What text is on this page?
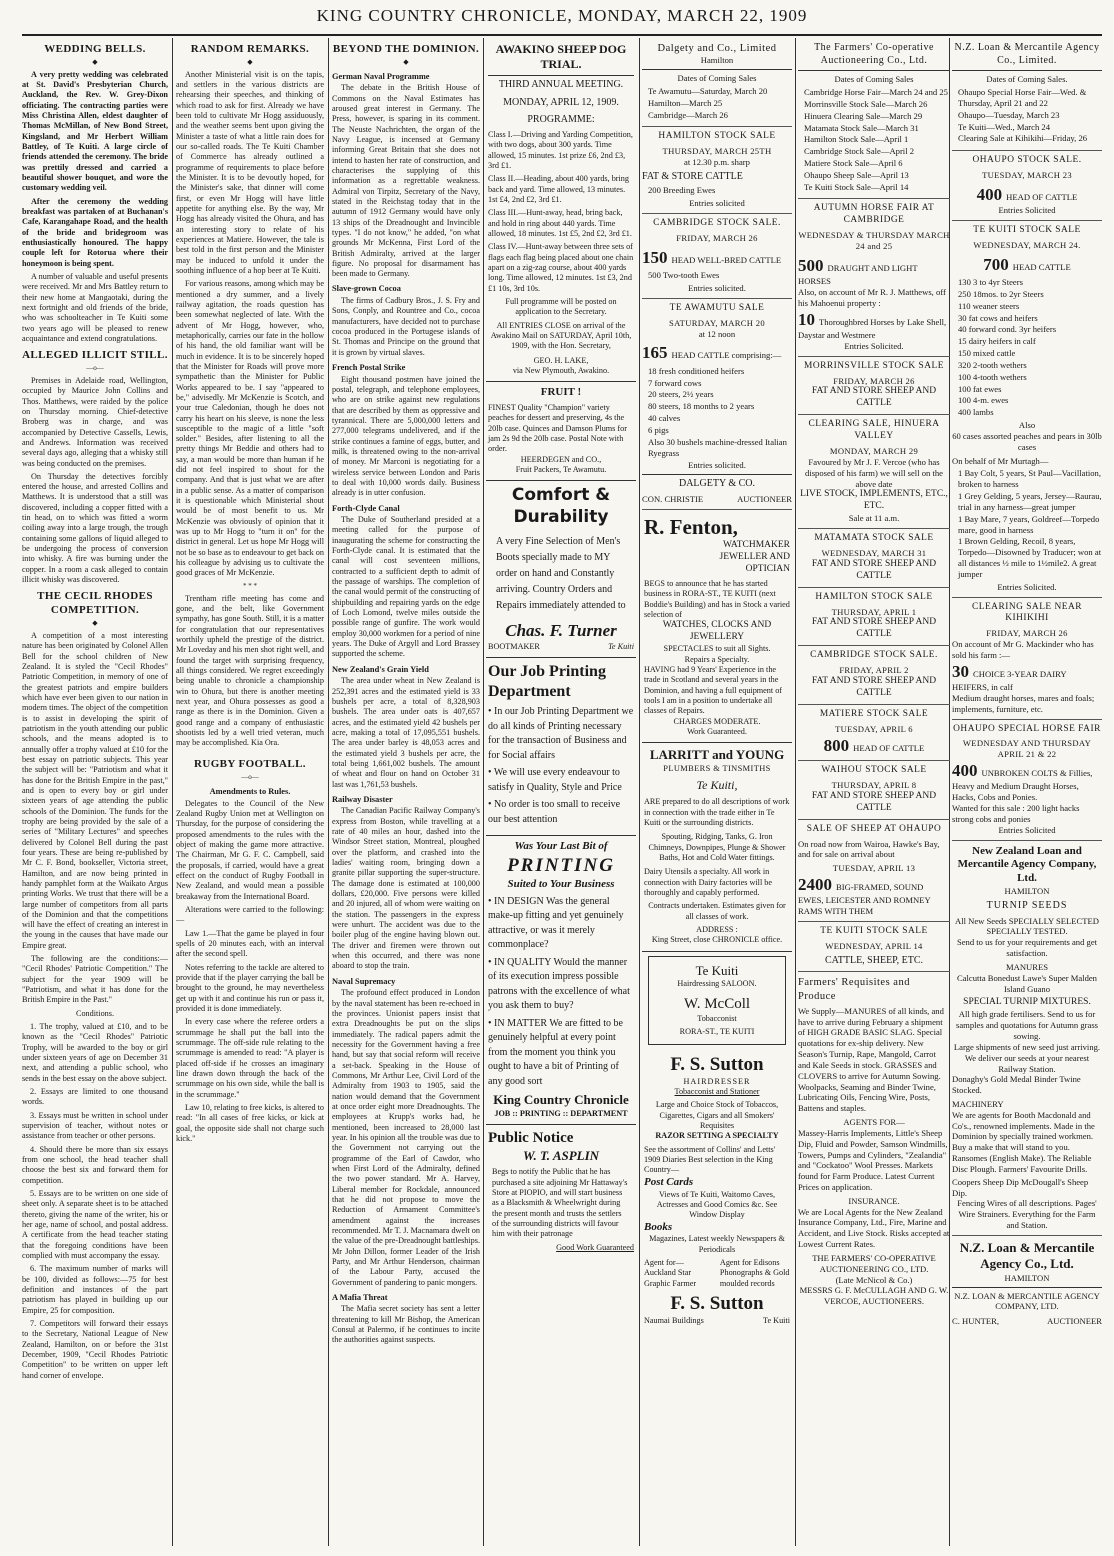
KING COUNTRY CHRONICLE, MONDAY, MARCH 22, 1909
WEDDING BELLS.
◆

A very pretty wedding was celebrated at St. David's Presbyterian Church, Auckland, the Rev. W. Grey-Dixon officiating. The contracting parties were Miss Christina Allen, eldest daughter of Thomas McMillan, of New Bond Street, Kingsland, and Mr Herbert William Battley, of Te Kuiti. A large circle of friends attended the ceremony. The bride was prettily dressed and carried a beautiful shower bouquet, and wore the customary wedding veil.

After the ceremony the wedding breakfast was partaken of at Buchanan's Cafe, Karangahape Road, and the health of the bride and bridegroom was enthusiastically honoured. The happy couple left for Rotorua where their honeymoon is being spent.

A number of valuable and useful presents were received. Mr and Mrs Battley return to their new home at Mangaotaki, during the next fortnight and old friends of the bride, who was schoolteacher in Te Kuiti some two years ago will be pleased to renew acquaintance and extend congratulations.

ALLEGED ILLICIT STILL.
—o—

Premises in Adelaide road, Wellington, occupied by Maurice John Collins and Thos. Matthews, were raided by the police on Thursday morning. Chief-detective Broberg was in charge, and was accompanied by Detective Cassells, Lewis, and Andrews. Information was received several days ago, alleging that a whisky still was being conducted on the premises.

On Thursday the detectives forcibly entered the house, and arrested Collins and Matthews. It is understood that a still was discovered, including a copper fitted with a tin head, on to which was fitted a worm coiling away into a large trough, the trough containing some gallons of liquid alleged to be undergoing the process of conversion into whisky. A fire was burning under the copper. In a room a cask alleged to contain illicit whisky was discovered.

THE CECIL RHODES COMPETITION.
◆

A competition of a most interesting nature has been originated by Colonel Allen Bell for the school children of New Zealand. It is styled the "Cecil Rhodes" Patriotic Competition, in memory of one of the greatest patriots and empire builders which have ever been given to our nation in modern times. The object of the competition is to assist in developing the spirit of patriotism in the youth attending our public schools, and the means adopted is to annually offer a trophy valued at £10 for the best essay on patriotic subjects. This year the subject will be: "Patriotism and what it has done for the British Empire in the past," and is open to every boy or girl under sixteen years of age attending the public schools of the Dominion. The funds for the trophy are being provided by the sale of a series of "Military Lectures" and speeches delivered by Colonel Bell during the past four years. These are being re-published by Mr C. F. Bond, bookseller, Victoria street, Hamilton, and are now being printed in handy pamphlet form at the Waikato Argus printing Works. We trust that there will be a large number of competitors from all parts of the Dominion and that the competitions will have the effect of creating an interest in the young in the causes that have made our Empire great.

The following are the conditions:— "Cecil Rhodes' Patriotic Competition." The subject for the year 1909 will be "Patriotism, and what it has done for the British Empire in the Past."

Conditions.
1. The trophy, valued at £10, and to be known as the "Cecil Rhodes" Patriotic Trophy, will be awarded to the boy or girl under sixteen years of age on December 31 next, and attending a public school, who sends in the best essay on the above subject.
2. Essays are limited to one thousand words.
3. Essays must be written in school under supervision of teacher, without notes or assistance from teacher or other persons.
4. Should there be more than six essays from one school, the head teacher shall choose the best six and forward them for competition.
5. Essays are to be written on one side of sheet only. A separate sheet is to be attached thereto, giving the name of the writer, his or her age, name of school, and postal address. A certificate from the head teacher stating that the foregoing conditions have been complied with must accompany the essay.
6. The maximum number of marks will be 100, divided as follows:—75 for best definition and instances of the part patriotism has played in building up our Empire, 25 for composition.
7. Competitors will forward their essays to the Secretary, National League of New Zealand, Hamilton, on or before the 31st December, 1909, "Cecil Rhodes Patriotic Competition" to be written on upper left hand corner of envelope.
RANDOM REMARKS.
◆

Another Ministerial visit is on the tapis, and settlers in the various districts are rehearsing their speeches, and thinking of which road to ask for first. Already we have been told to cultivate Mr Hogg assiduously, and the weather seems bent upon giving the Minister a taste of what a little rain does for our so-called roads. The Te Kuiti Chamber of Commerce has already outlined a programme of requirements to place before the Minister. It is to be devoutly hoped, for the Minister's sake, that dinner will come first, or even Mr Hogg will have little appetite for anything else. By the way, Mr Hogg has already visited the Ohura, and has an interesting story to relate of his experiences at Matiere. However, the tale is best told in the first person and the Minister may be induced to unfold it under the soothing influence of a hop beer at Te Kuiti.

For various reasons, among which may be mentioned a dry summer, and a lively railway agitation, the roads question has been somewhat neglected of late. With the advent of Mr Hogg, however, who, metaphorically, carries our fate in the hollow of his hand, the old familiar want will be much in evidence. It is to be sincerely hoped that the Minister for Roads will prove more sympathetic than the Minister for Public Works appeared to be. I say "appeared to be," advisedly. Mr McKenzie is Scotch, and your true Caledonian, though he does not carry his heart on his sleeve, is none the less susceptible to the magic of a little "soft solder." Besides, after listening to all the pretty things Mr Beddie and others had to say, a man would be more than human if he did not feel inspired to shout for the company. And that is just what we are after in a public sense. As a matter of comparison it is questionable which Ministerial shout would be of most benefit to us. Mr McKenzie was obviously of opinion that it was up to Mr Hogg to "turn it on" for the district in general. Let us hope Mr Hogg will not be so base as to endeavour to get back on his colleague by advising us to cultivate the good graces of Mr McKenzie.

* * *

Trentham rifle meeting has come and gone, and the belt, like Government sympathy, has gone South. Still, it is a matter for congratulation that our representatives worthily upheld the prestige of the district. Mr Loveday and his men shot right well, and found the target with surprising frequency, all things considered. We regret exceedingly being unable to chronicle a championship win to Ohura, but there is another meeting next year, and Ohura possesses as good a range as there is in the Dominion. Given a good range and a company of enthusiastic shootists led by a well tried veteran, much may be accomplished. Kia Ora.

RUGBY FOOTBALL.
—o—
Amendments to Rules.

Delegates to the Council of the New Zealand Rugby Union met at Wellington on Thursday, for the purpose of considering the proposed amendments to the rules with the object of making the game more attractive. The Chairman, Mr G. F. C. Campbell, said the proposals, if carried, would have a great effect on the conduct of Rugby Football in New Zealand, and would mean a possible breakaway from the International Board.

Alterations were carried to the following:—

Law 1.—That the game be played in four spells of 20 minutes each, with an interval after the second spell.

Notes referring to the tackle are altered to provide that if the player carrying the ball be brought to the ground, he may nevertheless get up with it and continue his run or pass it, provided it is done immediately.

In every case where the referee orders a scrummage he shall put the ball into the scrummage. The off-side rule relating to the scrummage is amended to read: "A player is placed off-side if he crosses an imaginary line drawn down through the back of the scrummage on his own side, while the ball is in the scrummage."

Law 10, relating to free kicks, is altered to read: "In all cases of free kicks, or kick at goal, the opposite side shall not charge such kick."

BEYOND THE DOMINION.
◆
German Naval Programme

The debate in the British House of Commons on the Naval Estimates has aroused great interest in Germany. The Press, however, is sparing in its comment. The Neuste Nachrichten, the organ of the Navy League, is incensed at Germany informing Great Britain that she does not intend to hasten her rate of construction, and characterises the supplying of this information as a regrettable weakness. Admiral von Tirpitz, Secretary of the Navy, stated in the Reichstag today that in the autumn of 1912 Germany would have only 13 ships of the Dreadnought and Invincible types. "I do not know," he added, "on what grounds Mr McKenna, First Lord of the British Admiralty, arrived at the larger figure. No proposal for disarmament has been made to Germany.

Slave-grown Cocoa

The firms of Cadbury Bros., J. S. Fry and Sons, Conply, and Rountree and Co., cocoa manufacturers, have decided not to purchase cocoa produced in the Portugese islands of St. Thomas and Principe on the ground that it is grown by virtual slaves.

French Postal Strike

Eight thousand postmen have joined the postal, telegraph, and telephone employees, who are on strike against new regulations that are described by them as oppressive and tyrannical. There are 5,000,000 letters and 277,000 telegrams undelivered, and if the strike continues a famine of eggs, butter, and milk, is threatened owing to the non-arrival of money. Mr Marconi is negotiating for a wireless service between London and Paris to deal with 10,000 words daily. Business already is in utter confusion.

Forth-Clyde Canal

The Duke of Southerland presided at a meeting called for the purpose of inaugurating the scheme for constructing the Forth-Clyde canal. It is estimated that the canal will cost seventeen millions, contracted to a sufficient depth to admit of the passage of warships. The completion of the canal would permit of the constructing of shipbuilding and repairing yards on the edge of Loch Lomond, twelve miles outside the possible range of gunfire. The work would employ 30,000 workmen for a period of nine years. The Duke of Argyll and Lord Brassey supported the scheme.

New Zealand's Grain Yield

The area under wheat in New Zealand is 252,391 acres and the estimated yield is 33 bushels per acre, a total of 8,328,903 bushels. The area under oats is 407,657 acres, and the estimated yield 42 bushels per acre, making a total of 17,095,551 bushels. The area under barley is 48,053 acres and the estimated yield 3 bushels per acre, the total being 1,661,002 bushels. The amount of wheat and flour on hand on October 31 last was 1,761,53 bushels.

Railway Disaster

The Canadian Pacific Railway Company's express from Boston, while travelling at a rate of 40 miles an hour, dashed into the Windsor Street station, Montreal, ploughed over the platform, and crashed into the ladies' waiting room, bringing down a granite pillar supporting the super-structure. The damage done is estimated at 100,000 dollars, £20,000. Five persons were killed and 20 injured, all of whom were waiting on the station. The passengers in the express were unhurt. The accident was due to the boiler plug of the engine having blown out. The driver and firemen were thrown out when this occurred, and there was none aboard to stop the train.

Naval Supremacy

The profound effect produced in London by the naval statement has been re-echoed in the provinces. Unionist papers insist that extra Dreadnoughts be put on the slips immediately. The radical papers admit the necessity for the Government having a free hand, but say that social reform will receive a set-back. Speaking in the House of Commons, Mr Arthur Lee, Civil Lord of the Admiralty from 1903 to 1905, said the nation would demand that the Government at once order eight more Dreadnoughts. The employees at Krupp's works had, he mentioned, been increased to 28,000 last year. In his opinion all the trouble was due to the Government not carrying out the programme of the Earl of Cawdor, who when First Lord of the Admiralty, defined the two power standard. Mr A. Harvey, Liberal member for Rockdale, announced that he did not propose to move the Reduction of Armament Committee's amendment against the increases recommended. Mr T. J. Macnamara dwelt on the value of the pre-Dreadnought battleships. Mr John Dillon, former Leader of the Irish Party, and Mr Arthur Henderson, chairman of the Labour Party, accused the Government of pandering to panic mongers.

A Mafia Threat

The Mafia secret society has sent a letter threatening to kill Mr Bishop, the American Consul at Palermo, if he continues to incite the authorities against suspects.

AWAKINO SHEEP DOG TRIAL.
THIRD ANNUAL MEETING.
MONDAY, APRIL 12, 1909.
PROGRAMME:
Class I.—Driving and Yarding Competition, with two dogs, about 300 yards. Time allowed, 15 minutes. 1st prize £6, 2nd £3, 3rd £1.
Class II.—Heading, about 400 yards, bring back and yard. Time allowed, 13 minutes. 1st £4, 2nd £2, 3rd £1.
Class III.—Hunt-away, head, bring back, and hold in ring about 440 yards. Time allowed, 18 minutes. 1st £5, 2nd £2, 3rd £1.
Class IV.—Hunt-away between three sets of flags each flag being placed about one chain apart on a zig-zag course, about 400 yards long. Time allowed, 12 minutes. 1st £3, 2nd £1 10s, 3rd 10s.
Full programme will be posted on application to the Secretary.
All ENTRIES CLOSE on arrival of the Awakino Mail on SATURDAY, April 10th, 1909, with the Hon. Secretary,
GEO. H. LAKE,
via New Plymouth, Awakino.
FRUIT !
FINEST Quality "Champion" variety peaches for dessert and preserving, 4s the 20lb case. Quinces and Damson Plums for jam 2s 9d the 20lb case. Postal Note with order.
HEERDEGEN and CO.,
Fruit Packers, Te Awamutu.
Comfort & Durability
A very Fine Selection of Men's Boots specially made to MY order on hand and Constantly arriving. Country Orders and Repairs immediately attended to
Chas. F. Turner
BOOTMAKER	Te Kuiti
Our Job Printing Department
• In our Job Printing Department we do all kinds of Printing necessary for the transaction of Business and for Social affairs
• We will use every endeavour to satisfy in Quality, Style and Price
• No order is too small to receive our best attention
Was Your Last Bit of
PRINTING
Suited to Your Business
• IN DESIGN Was the general make-up fitting and yet genuinely attractive, or was it merely commonplace?
• IN QUALITY Would the manner of its execution impress possible patrons with the excellence of what you ask them to buy?
• IN MATTER We are fitted to be genuinely helpful at every point from the moment you think you ought to have a bit of Printing of any good sort
King Country Chronicle
JOB :: PRINTING :: DEPARTMENT
Public Notice
W. T. ASPLIN
Begs to notify the Public that he has purchased a site adjoining Mr Hattaway's Store at PIOPIO, and will start business as a Blacksmith & Wheelwright during the present month and trusts the settlers of the surrounding districts will favour him with their patronage
Good Work Guaranteed
Dalgety and Co., Limited
Hamilton
Dates of Coming Sales
Te Awamutu—Saturday, March 20
Hamilton—March 25
Cambridge—March 26
HAMILTON STOCK SALE
THURSDAY, MARCH 25TH
at 12.30 p.m. sharp
FAT & STORE CATTLE
200 Breeding Ewes
Entries solicited
CAMBRIDGE STOCK SALE.
FRIDAY, MARCH 26
150 HEAD WELL-BRED CATTLE
500 Two-tooth Ewes
Entries solicited.
TE AWAMUTU SALE
SATURDAY, MARCH 20
at 12 noon
165 HEAD CATTLE comprising:—
18 fresh conditioned heifers
7 forward cows
20 steers, 2½ years
80 steers, 18 months to 2 years
40 calves
6 pigs
Also 30 bushels machine-dressed Italian Ryegrass
Entries solicited.
DALGETY & CO.
CON. CHRISTIE	AUCTIONEER
R. Fenton,
WATCHMAKER JEWELLER AND OPTICIAN
BEGS to announce that he has started business in RORA-ST., TE KUITI (next Boddie's Building) and has in Stock a varied selection of
WATCHES, CLOCKS AND JEWELLERY
SPECTACLES to suit all Sights.
Repairs a Specialty.
HAVING had 9 Years' Experience in the trade in Scotland and several years in the Dominion, and having a full equipment of tools I am in a position to undertake all classes of Repairs.
CHARGES MODERATE.
Work Guaranteed.
LARRITT and YOUNG
PLUMBERS & TINSMITHS
Te Kuiti,
ARE prepared to do all descriptions of work in connection with the trade either in Te Kuiti or the surrounding districts.
Spouting, Ridging, Tanks, G. Iron Chimneys, Downpipes, Plunge & Shower Baths, Hot and Cold Water fittings.
Dairy Utensils a specialty. All work in connection with Dairy factories will be thoroughly and capably performed.
Contracts undertaken. Estimates given for all classes of work.
ADDRESS :
King Street, close CHRONICLE office.
Te Kuiti
Hairdressing SALOON.
W. McColl
Tobacconist
RORA-ST., TE KUITI
F. S. Sutton
HAIRDRESSER
Tobacconist and Stationer
Large and Choice Stock of Tobaccos, Cigarettes, Cigars and all Smokers' Requisites
RAZOR SETTING A SPECIALTY
See the assortment of Collins' and Letts' 1909 Diaries Best selection in the King Country—
Post Cards
Views of Te Kuiti, Waitomo Caves, Actresses and Good Comics &c. See Window Display
Books
Magazines, Latest weekly Newspapers & Periodicals
Agent for—Auckland Star Graphic Farmer
Agent for Edisons Phonographs & Gold moulded records
F. S. Sutton
Naumai Buildings	Te Kuiti
The Farmers' Co-operative Auctioneering Co., Ltd.
Dates of Coming Sales
Cambridge Horse Fair—March 24 and 25
Morrinsville Stock Sale—March 26
Hinuera Clearing Sale—March 29
Matamata Stock Sale—March 31
Hamilton Stock Sale—April 1
Cambridge Stock Sale—April 2
Matiere Stock Sale—April 6
Ohaupo Sheep Sale—April 13
Te Kuiti Stock Sale—April 14
AUTUMN HORSE FAIR AT CAMBRIDGE
WEDNESDAY & THURSDAY MARCH 24 and 25
500 DRAUGHT AND LIGHT HORSES
Also, on account of Mr R. J. Matthews, off his Mahoenui property :
10 Thoroughbred Horses by Lake Shell, Daystar and Westmere
Entries Solicited.
MORRINSVILLE STOCK SALE
FRIDAY, MARCH 26
FAT AND STORE SHEEP AND CATTLE
CLEARING SALE, HINUERA VALLEY
MONDAY, MARCH 29
Favoured by Mr J. F. Vercoe (who has disposed of his farm) we will sell on the above date
LIVE STOCK, IMPLEMENTS, ETC., ETC.
Sale at 11 a.m.
MATAMATA STOCK SALE
WEDNESDAY, MARCH 31
FAT AND STORE SHEEP AND CATTLE
HAMILTON STOCK SALE
THURSDAY, APRIL 1
FAT AND STORE SHEEP AND CATTLE
CAMBRIDGE STOCK SALE.
FRIDAY, APRIL 2
FAT AND STORE SHEEP AND CATTLE
MATIERE STOCK SALE
TUESDAY, APRIL 6
800 HEAD OF CATTLE
WAIHOU STOCK SALE
THURSDAY, APRIL 8
FAT AND STORE SHEEP AND CATTLE
SALE OF SHEEP AT OHAUPO
On road now from Wairoa, Hawke's Bay, and for sale on arrival about
TUESDAY, APRIL 13
2400 BIG-FRAMED, SOUND EWES, LEICESTER AND ROMNEY RAMS WITH THEM
TE KUITI STOCK SALE
WEDNESDAY, APRIL 14
CATTLE, SHEEP, ETC.
Farmers' Requisites and Produce
We Supply—MANURES of all kinds, and have to arrive during February a shipment of HIGH GRADE BASIC SLAG. Special quotations for ex-ship delivery. New Season's Turnip, Rape, Mangold, Carrot and Kale Seeds in stock. GRASSES and CLOVERS to arrive for Autumn Sowing. Woolpacks, Seaming and Binder Twine, Lubricating Oils, Fencing Wire, Posts, Battens and staples.
AGENTS FOR—
Massey-Harris Implements, Little's Sheep Dip, Fluid and Powder, Samson Windmills, Towers, Pumps and Cylinders, "Zealandia" and "Cockatoo" Wool Presses. Markets found for Farm Produce. Latest Current Prices on application.
INSURANCE.
We are Local Agents for the New Zealand Insurance Company, Ltd., Fire, Marine and Accident, and Live Stock. Risks accepted at Lowest Current Rates.
THE FARMERS' CO-OPERATIVE
AUCTIONEERING CO., LTD.
(Late McNicol & Co.)
MESSRS G. F. McCULLAGH AND G. W. VERCOE, AUCTIONEERS.
N.Z. Loan & Mercantile Agency Co., Limited.
Dates of Coming Sales.
Ohaupo Special Horse Fair—Wed. & Thursday, April 21 and 22
Ohaupo—Tuesday, March 23
Te Kuiti—Wed., March 24
Clearing Sale at Kihikihi—Friday, 26
OHAUPO STOCK SALE.
TUESDAY, MARCH 23
400 HEAD OF CATTLE
Entries Solicited
TE KUITI STOCK SALE
WEDNESDAY, MARCH 24.
700 HEAD CATTLE
130 3 to 4yr Steers
250 18mos. to 2yr Steers
110 weaner steers
30 fat cows and heifers
40 forward cond. 3yr heifers
15 dairy heifers in calf
150 mixed cattle
320 2-tooth wethers
100 4-tooth wethers
100 fat ewes
100 4-m. ewes
400 lambs
Also
60 cases assorted peaches and pears in 30lb cases
On behalf of Mr Murtagh—
1 Bay Colt, 5 years, St Paul—Vacillation, broken to harness
1 Grey Gelding, 5 years, Jersey—Raurau, trial in any harness—great jumper
1 Bay Mare, 7 years, Goldreef—Torpedo mare, good in harness
1 Brown Gelding, Recoil, 8 years, Torpedo—Disowned by Traducer; won at all distances ½ mile to 1½mile2. A great jumper
Entries Solicited.
CLEARING SALE NEAR KIHIKIHI
FRIDAY, MARCH 26
On account of Mr G. Mackinder who has sold his farm :—
30 CHOICE 3-YEAR DAIRY HEIFERS, in calf
Medium draught horses, mares and foals; implements, furniture, etc.
OHAUPO SPECIAL HORSE FAIR
WEDNESDAY AND THURSDAY APRIL 21 & 22
400 UNBROKEN COLTS & Fillies, Heavy and Medium Draught Horses, Hacks, Cobs and Ponies.
Wanted for this sale : 200 light hacks strong cobs and ponies
Entries Solicited
New Zealand Loan and Mercantile Agency Company, Ltd.
HAMILTON
TURNIP SEEDS
All New Seeds SPECIALLY SELECTED SPECIALLY TESTED.
Send to us for your requirements and get satisfaction.
MANURES
Calcutta Bonedust Lawe's Super Malden Island Guano
SPECIAL TURNIP MIXTURES.
All high grade fertilisers. Send to us for samples and quotations for Autumn grass sowing.
Large shipments of new seed just arriving. We deliver our seeds at your nearest Railway Station.
Donaghy's Gold Medal Binder Twine Stocked.
MACHINERY
We are agents for Booth Macdonald and Co's., renowned implements. Made in the Dominion by specially trained workmen. Buy a make that will stand to you. Ransomes (English Make). The Reliable Disc Plough. Farmers' Favourite Drills.
Coopers Sheep Dip McDougall's Sheep Dip.
Fencing Wires of all descriptions. Pages' Wire Strainers. Everything for the Farm and Station.
N.Z. Loan & Mercantile Agency Co., Ltd.
HAMILTON
N.Z. LOAN & MERCANTILE AGENCY COMPANY, LTD.
C. HUNTER,	AUCTIONEER
